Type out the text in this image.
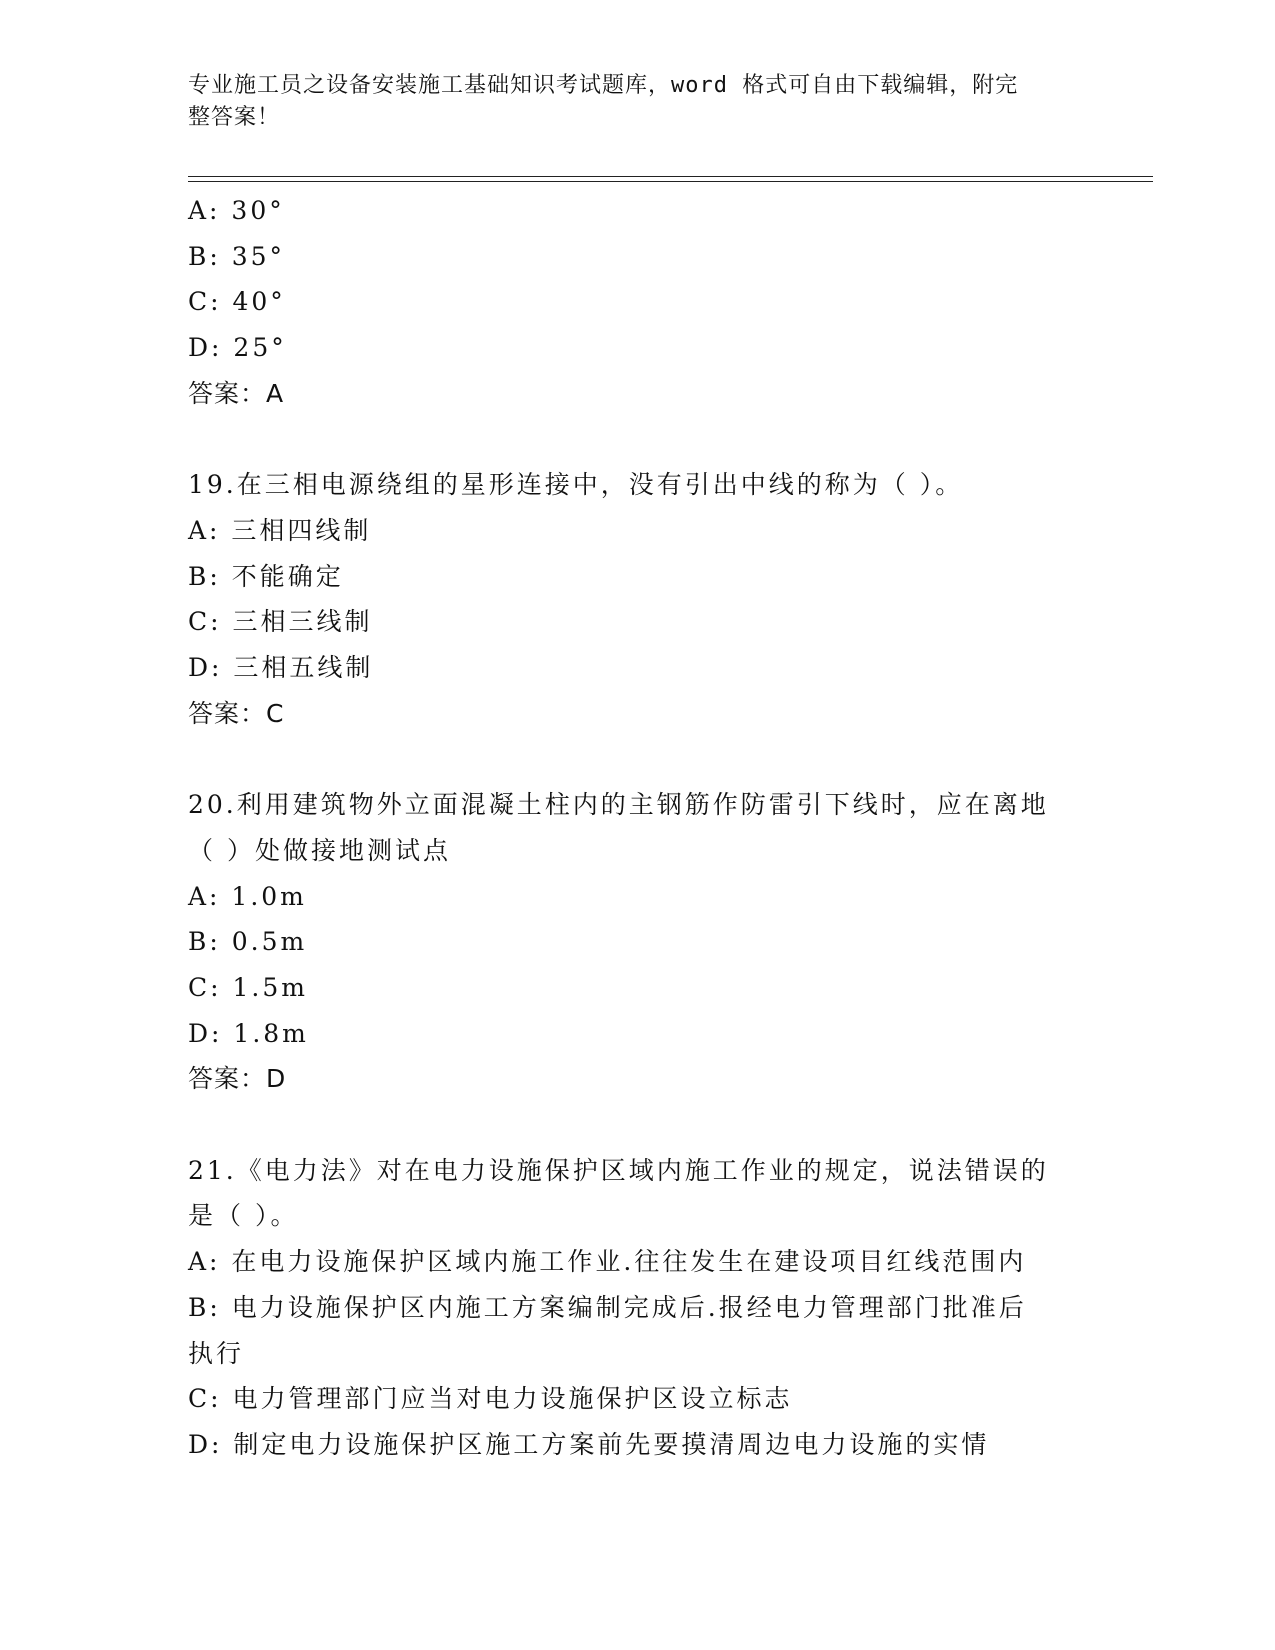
专业施工员之设备安装施工基础知识考试题库，word 格式可自由下载编辑，附完
整答案！
A: 30°
B: 35°
C: 40°
D: 25°
答案：A
19.在三相电源绕组的星形连接中，没有引出中线的称为（ ）。
A: 三相四线制
B: 不能确定
C: 三相三线制
D: 三相五线制
答案：C
20.利用建筑物外立面混凝土柱内的主钢筋作防雷引下线时，应在离地
（ ）处做接地测试点
A: 1.0m
B: 0.5m
C: 1.5m
D: 1.8m
答案：D
21.《电力法》对在电力设施保护区域内施工作业的规定，说法错误的
是（ ）。
A: 在电力设施保护区域内施工作业.往往发生在建设项目红线范围内
B: 电力设施保护区内施工方案编制完成后.报经电力管理部门批准后
执行
C: 电力管理部门应当对电力设施保护区设立标志
D: 制定电力设施保护区施工方案前先要摸清周边电力设施的实情
